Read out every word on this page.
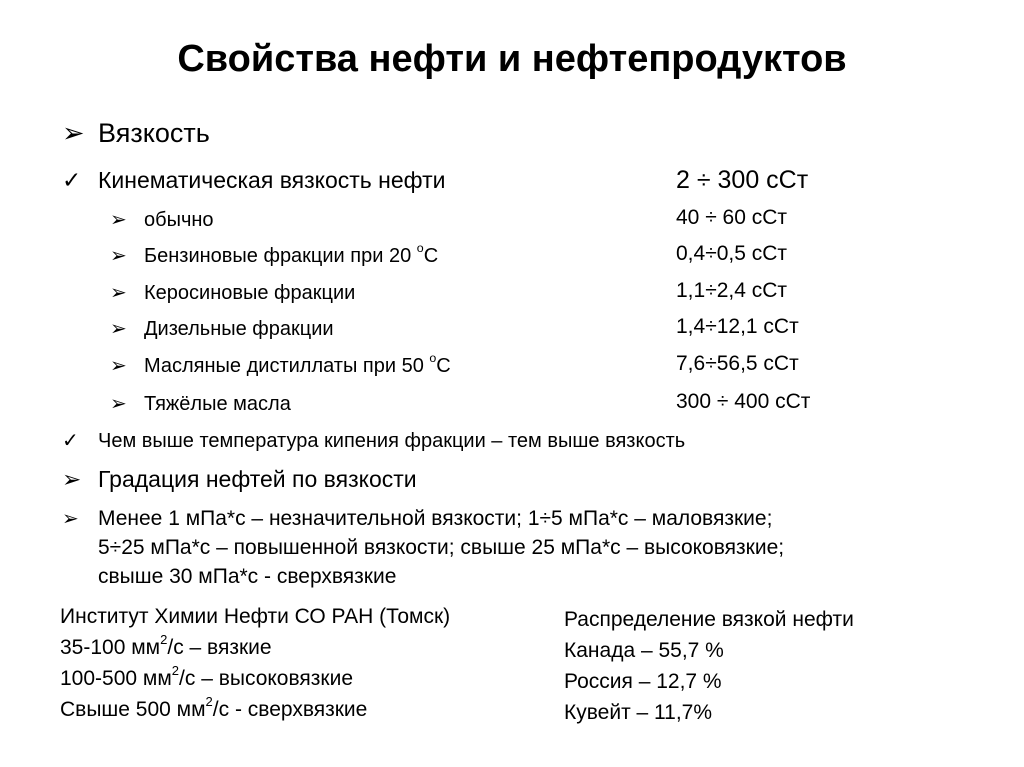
Свойства нефти и нефтепродуктов
➢ Вязкость
✓ Кинематическая вязкость нефти	2 ÷ 300 сСт
➢ обычно	40 ÷ 60 сСт
➢ Бензиновые фракции при 20 $^о$С	0,4÷0,5 сСт
➢ Керосиновые фракции	1,1÷2,4 сСт
➢ Дизельные фракции	1,4÷12,1 сСт
➢ Масляные дистиллаты при 50 $^о$С	7,6÷56,5 сСт
➢ Тяжёлые масла	300 ÷ 400 сСт
✓ Чем выше температура кипения фракции – тем выше вязкость
➢ Градация нефтей по вязкости
➢ Менее 1 мПа*с – незначительной вязкости; 1÷5 мПа*с – маловязкие;
5÷25 мПа*с – повышенной вязкости; свыше 25 мПа*с – высоковязкие;
свыше 30 мПа*с - сверхвязкие
Институт Химии Нефти СО РАН (Томск)
35-100 $мм^2/с$ – вязкие
100-500 $мм^2/с$ – высоковязкие
Свыше 500 $мм^2/с$ - сверхвязкие
Распределение вязкой нефти
Канада – 55,7 %
Россия – 12,7 %
Кувейт – 11,7%
